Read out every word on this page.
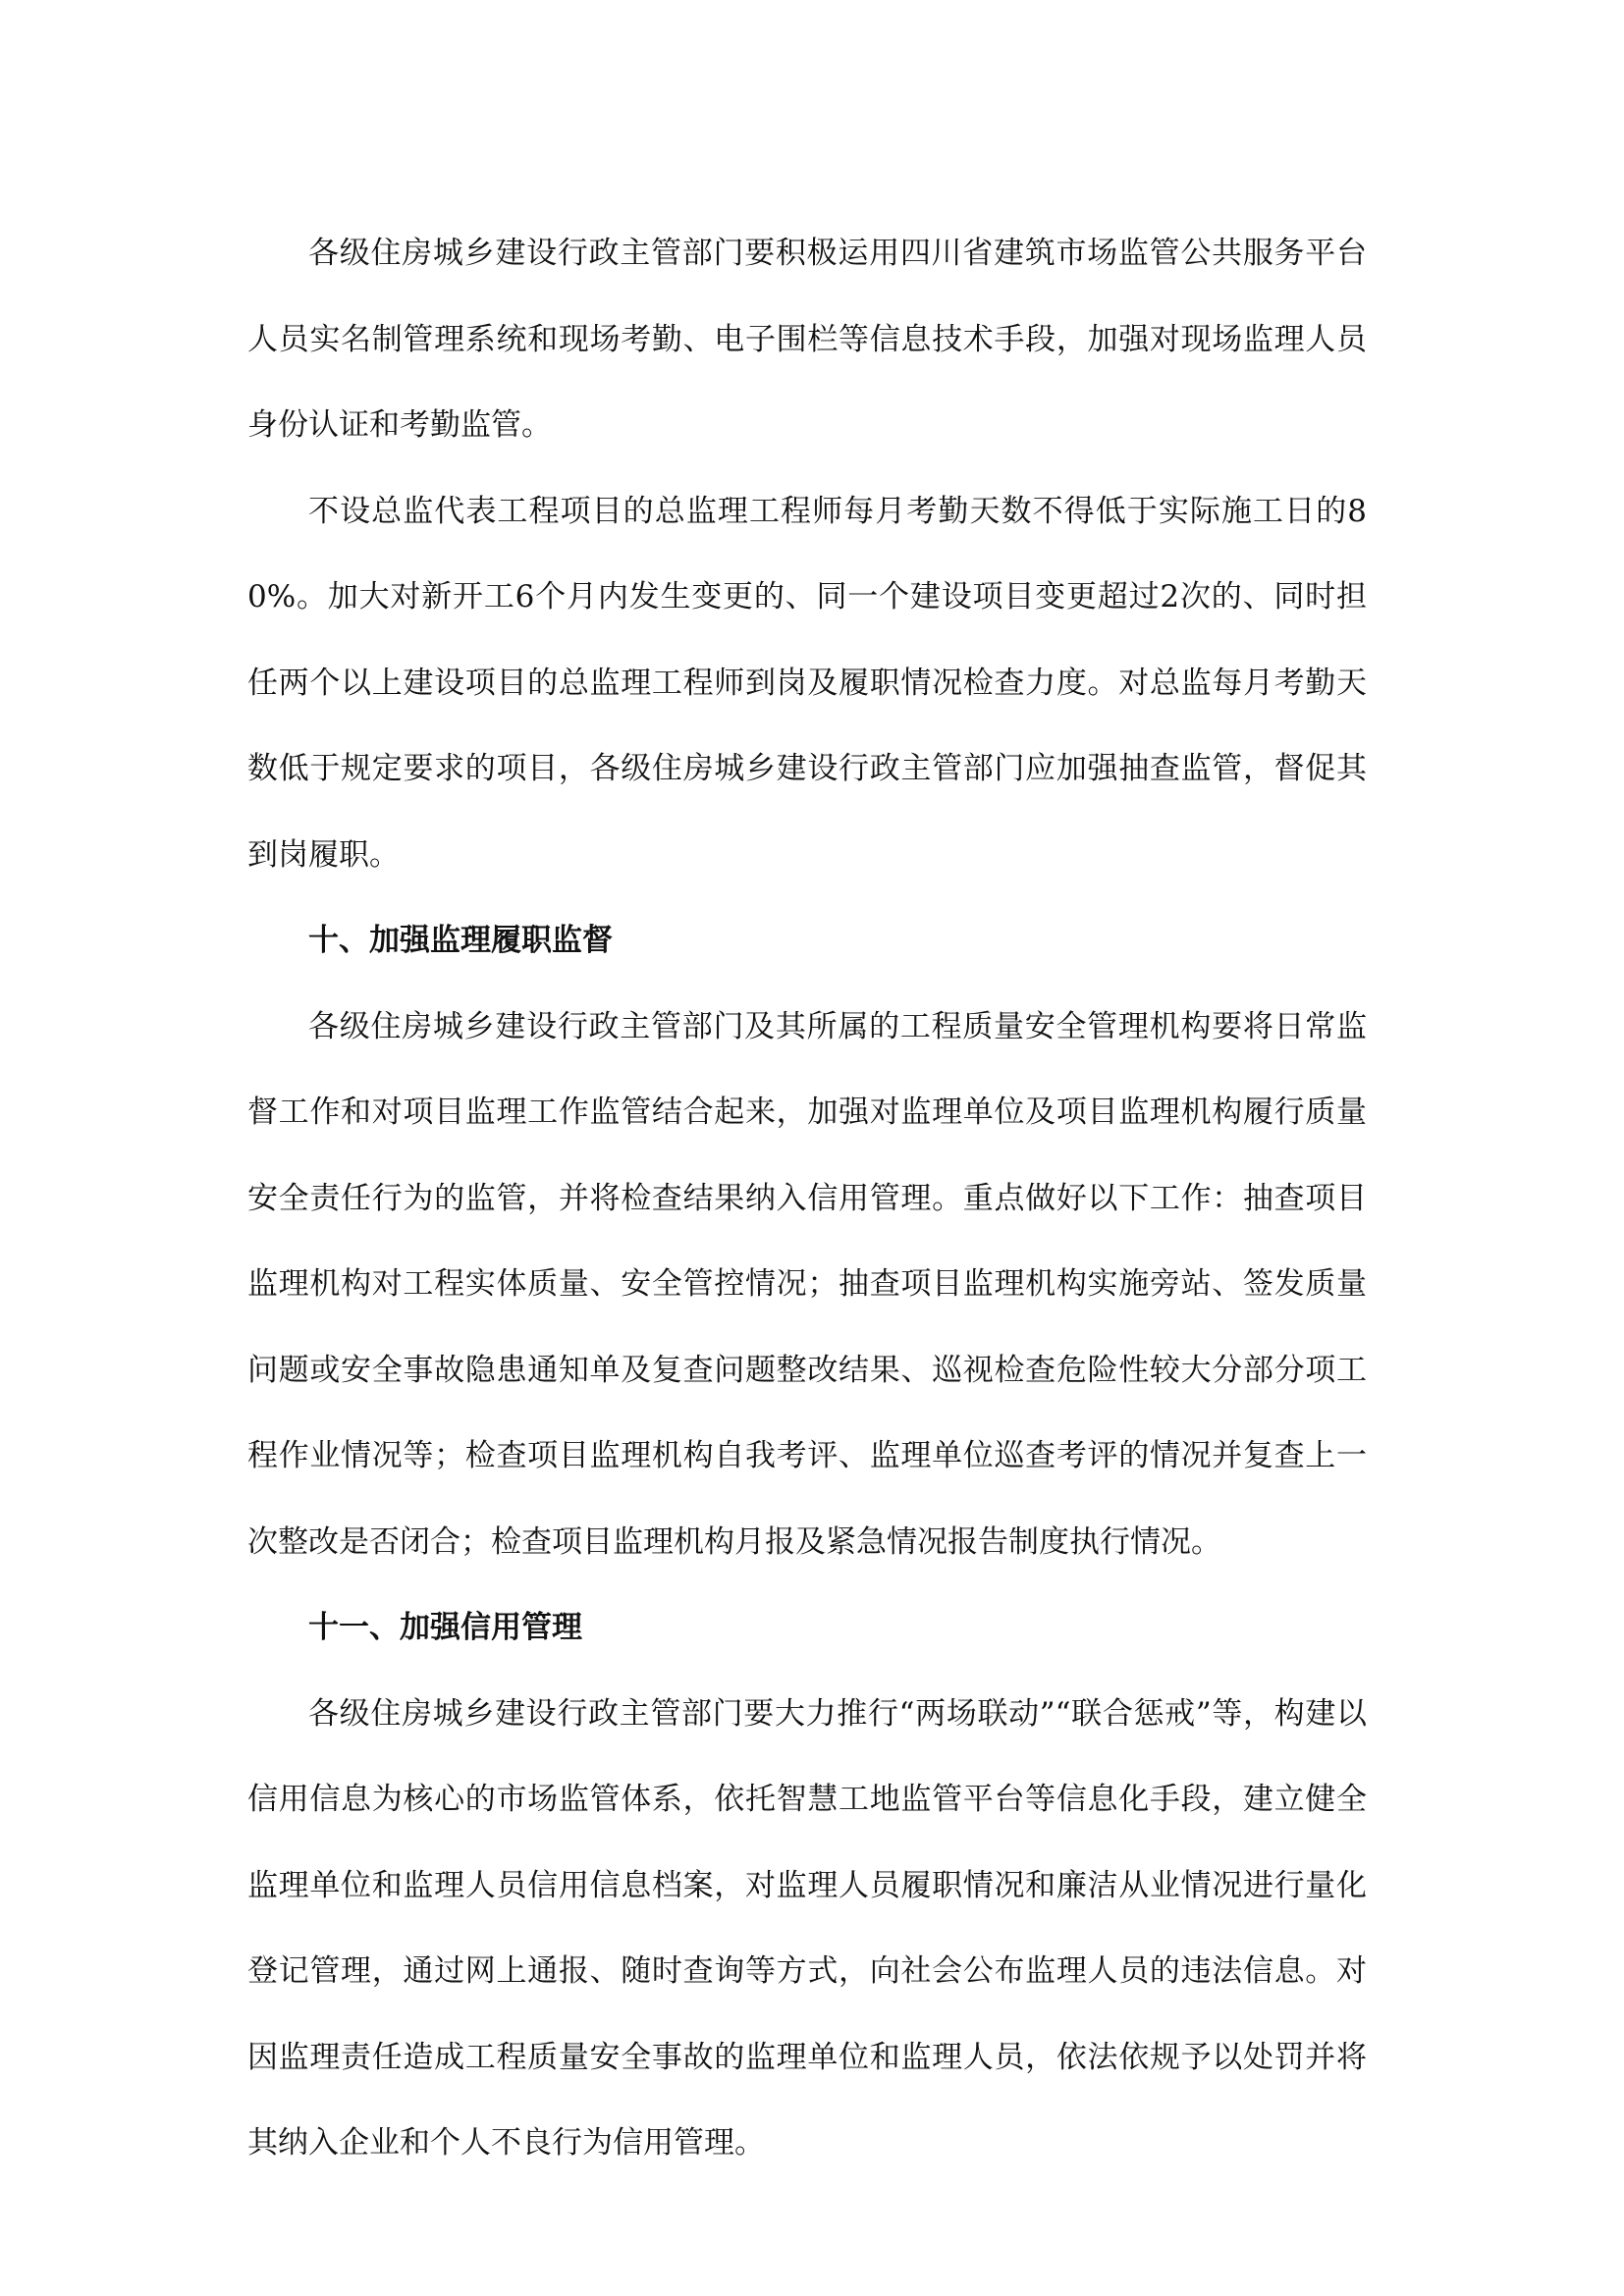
各级住房城乡建设行政主管部门要积极运用四川省建筑市场监管公共服务平台人员实名制管理系统和现场考勤、电子围栏等信息技术手段，加强对现场监理人员身份认证和考勤监管。

不设总监代表工程项目的总监理工程师每月考勤天数不得低于实际施工日的80%。加大对新开工6个月内发生变更的、同一个建设项目变更超过2次的、同时担任两个以上建设项目的总监理工程师到岗及履职情况检查力度。对总监每月考勤天数低于规定要求的项目，各级住房城乡建设行政主管部门应加强抽查监管，督促其到岗履职。

十、加强监理履职监督

各级住房城乡建设行政主管部门及其所属的工程质量安全管理机构要将日常监督工作和对项目监理工作监管结合起来，加强对监理单位及项目监理机构履行质量安全责任行为的监管，并将检查结果纳入信用管理。重点做好以下工作：抽查项目监理机构对工程实体质量、安全管控情况；抽查项目监理机构实施旁站、签发质量问题或安全事故隐患通知单及复查问题整改结果、巡视检查危险性较大分部分项工程作业情况等；检查项目监理机构自我考评、监理单位巡查考评的情况并复查上一次整改是否闭合；检查项目监理机构月报及紧急情况报告制度执行情况。

十一、加强信用管理

各级住房城乡建设行政主管部门要大力推行“两场联动”“联合惩戒”等，构建以信用信息为核心的市场监管体系，依托智慧工地监管平台等信息化手段，建立健全监理单位和监理人员信用信息档案，对监理人员履职情况和廉洁从业情况进行量化登记管理，通过网上通报、随时查询等方式，向社会公布监理人员的违法信息。对因监理责任造成工程质量安全事故的监理单位和监理人员，依法依规予以处罚并将其纳入企业和个人不良行为信用管理。
